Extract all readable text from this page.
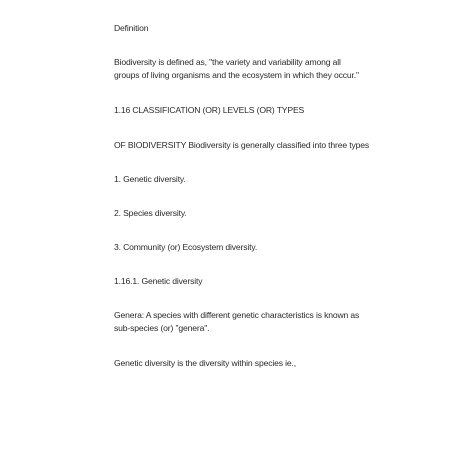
Definition

Biodiversity is defined as, "the variety and variability among all
groups of living organisms and the ecosystem in which they occur."

1.16 CLASSIFICATION (OR) LEVELS (OR) TYPES

OF BIODIVERSITY Biodiversity is generally classified into three types

1. Genetic diversity.

2. Species diversity.

3. Community (or) Ecosystem diversity.

1.16.1. Genetic diversity

Genera: A species with different genetic characteristics is known as
sub-species (or) "genera".

Genetic diversity is the diversity within species ie.,
